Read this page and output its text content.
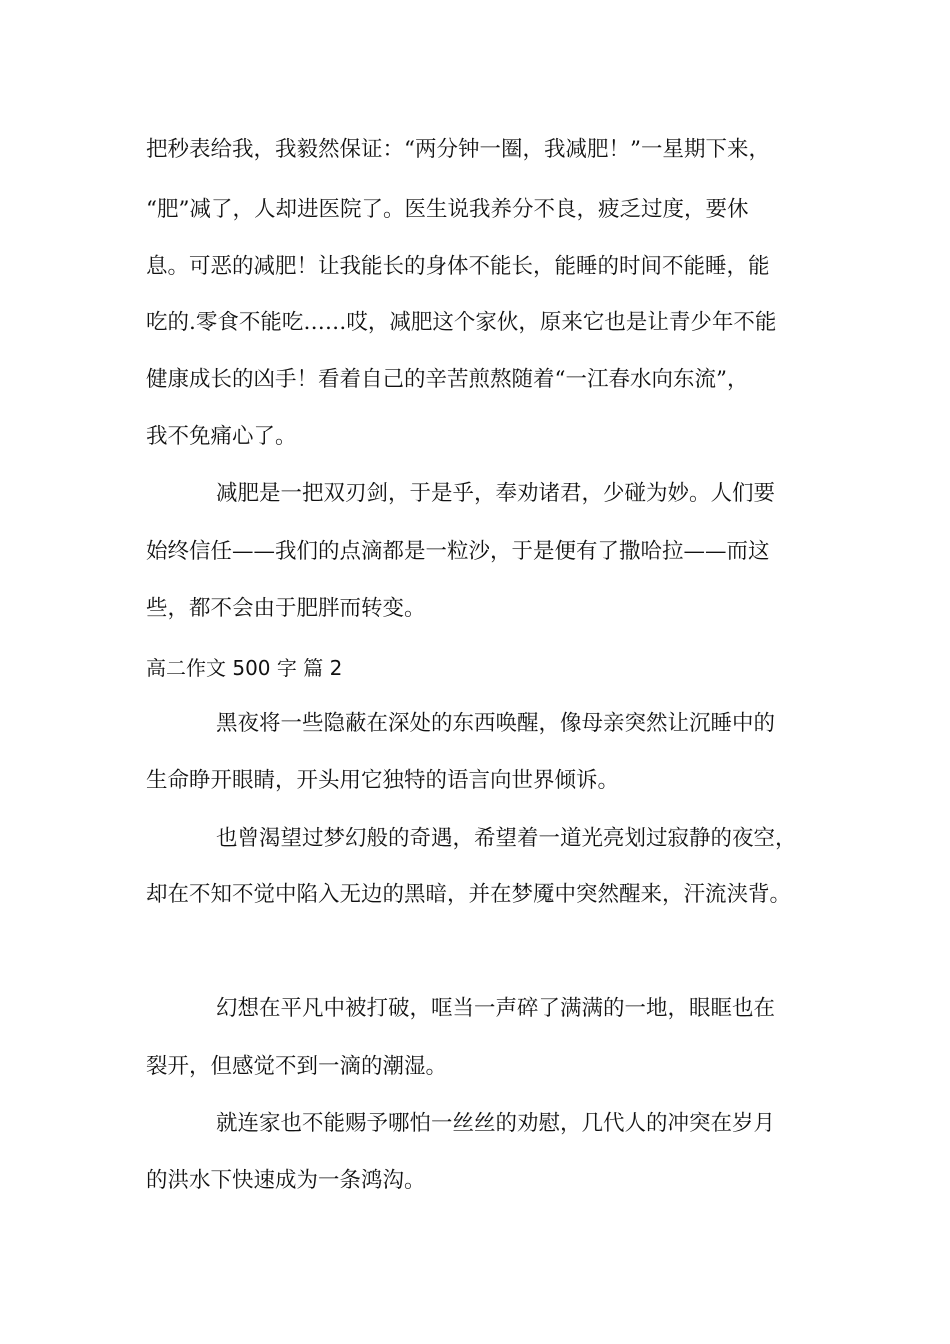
把秒表给我，我毅然保证：“两分钟一圈，我减肥！”一星期下来，
“肥”减了，人却进医院了。医生说我养分不良，疲乏过度，要休
息。可恶的减肥！让我能长的身体不能长，能睡的时间不能睡，能
吃的.零食不能吃……哎，减肥这个家伙，原来它也是让青少年不能
健康成长的凶手！看着自己的辛苦煎熬随着“一江春水向东流”，
我不免痛心了。
减肥是一把双刃剑，于是乎，奉劝诸君，少碰为妙。人们要
始终信任——我们的点滴都是一粒沙，于是便有了撒哈拉——而这
些，都不会由于肥胖而转变。
高二作文 500 字 篇 2
黑夜将一些隐蔽在深处的东西唤醒，像母亲突然让沉睡中的
生命睁开眼睛，开头用它独特的语言向世界倾诉。
也曾渴望过梦幻般的奇遇，希望着一道光亮划过寂静的夜空，
却在不知不觉中陷入无边的黑暗，并在梦魇中突然醒来，汗流浃背。
幻想在平凡中被打破，哐当一声碎了满满的一地，眼眶也在
裂开，但感觉不到一滴的潮湿。
就连家也不能赐予哪怕一丝丝的劝慰，几代人的冲突在岁月
的洪水下快速成为一条鸿沟。
